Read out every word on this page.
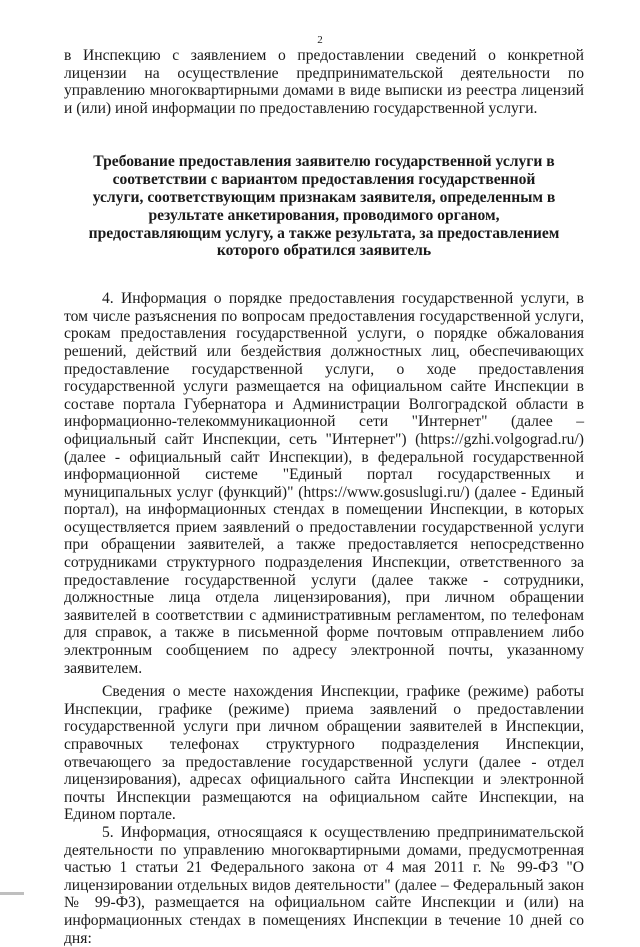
2

в Инспекцию с заявлением о предоставлении сведений о конкретной лицензии на осуществление предпринимательской деятельности по управлению многоквартирными домами в виде выписки из реестра лицензий и (или) иной информации по предоставлению государственной услуги.

Требование предоставления заявителю государственной услуги в соответствии с вариантом предоставления государственной услуги, соответствующим признакам заявителя, определенным в результате анкетирования, проводимого органом, предоставляющим услугу, а также результата, за предоставлением которого обратился заявитель

4. Информация о порядке предоставления государственной услуги, в том числе разъяснения по вопросам предоставления государственной услуги, срокам предоставления государственной услуги, о порядке обжалования решений, действий или бездействия должностных лиц, обеспечивающих предоставление государственной услуги, о ходе предоставления государственной услуги размещается на официальном сайте Инспекции в составе портала Губернатора и Администрации Волгоградской области в информационно-телекоммуникационной сети "Интернет" (далее – официальный сайт Инспекции, сеть "Интернет") (https://gzhi.volgograd.ru/) (далее - официальный сайт Инспекции), в федеральной государственной информационной системе "Единый портал государственных и муниципальных услуг (функций)" (https://www.gosuslugi.ru/) (далее - Единый портал), на информационных стендах в помещении Инспекции, в которых осуществляется прием заявлений о предоставлении государственной услуги при обращении заявителей, а также предоставляется непосредственно сотрудниками структурного подразделения Инспекции, ответственного за предоставление государственной услуги (далее также - сотрудники, должностные лица отдела лицензирования), при личном обращении заявителей в соответствии с административным регламентом, по телефонам для справок, а также в письменной форме почтовым отправлением либо электронным сообщением по адресу электронной почты, указанному заявителем.

Сведения о месте нахождения Инспекции, графике (режиме) работы Инспекции, графике (режиме) приема заявлений о предоставлении государственной услуги при личном обращении заявителей в Инспекции, справочных телефонах структурного подразделения Инспекции, отвечающего за предоставление государственной услуги (далее - отдел лицензирования), адресах официального сайта Инспекции и электронной почты Инспекции размещаются на официальном сайте Инспекции, на Едином портале.

5. Информация, относящаяся к осуществлению предпринимательской деятельности по управлению многоквартирными домами, предусмотренная частью 1 статьи 21 Федерального закона от 4 мая 2011 г. № 99-ФЗ "О лицензировании отдельных видов деятельности" (далее – Федеральный закон № 99-ФЗ), размещается на официальном сайте Инспекции и (или) на информационных стендах в помещениях Инспекции в течение 10 дней со дня:
